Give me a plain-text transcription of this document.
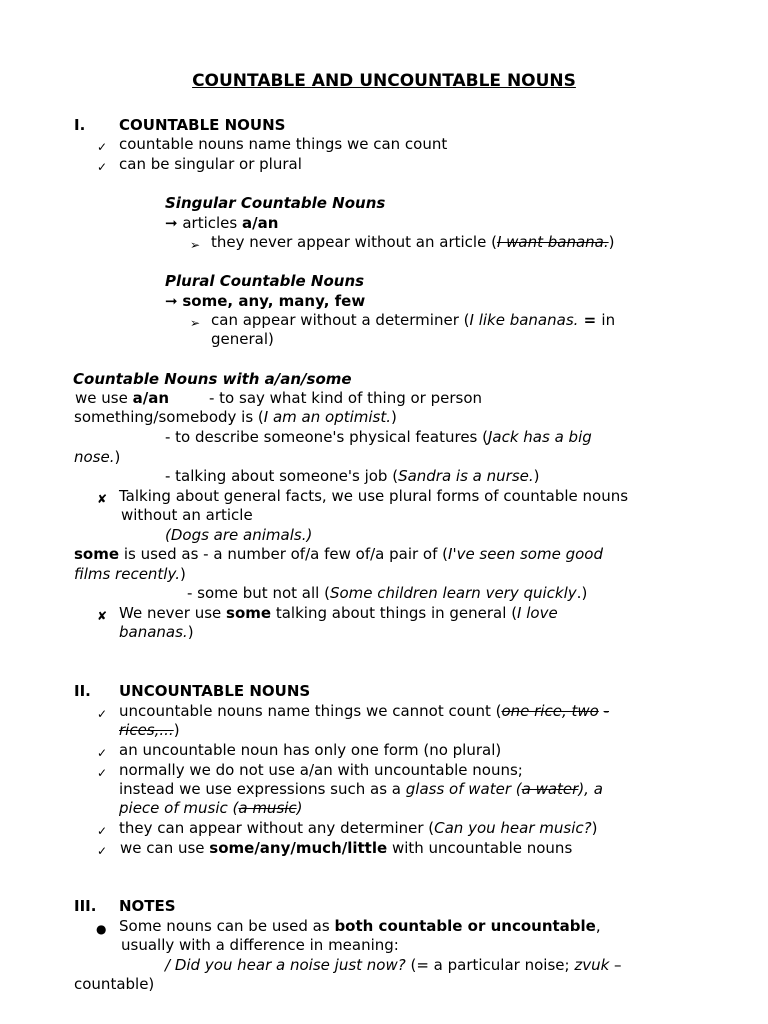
COUNTABLE AND UNCOUNTABLE NOUNS
I. COUNTABLE NOUNS
✓ countable nouns name things we can count
✓ can be singular or plural
Singular Countable Nouns
➞ articles a/an
➢ they never appear without an article (I want banana.)
Plural Countable Nouns
➞ some, any, many, few
➢ can appear without a determiner (I like bananas. = in
general)
Countable Nouns with a/an/some
we use a/an	- to say what kind of thing or person
something/somebody is (I am an optimist.)
- to describe someone's physical features (Jack has a big
nose.)
- talking about someone's job (Sandra is a nurse.)
✘ Talking about general facts, we use plural forms of countable nouns
without an article
(Dogs are animals.)
some is used as - a number of/a few of/a pair of (I've seen some good
films recently.)
- some but not all (Some children learn very quickly.)
✘ We never use some talking about things in general (I love
bananas.)
II. UNCOUNTABLE NOUNS
✓ uncountable nouns name things we cannot count (one rice, two -
rices,...)
✓ an uncountable noun has only one form (no plural)
✓ normally we do not use a/an with uncountable nouns;
instead we use expressions such as a glass of water (a water), a
piece of music (a music)
✓ they can appear without any determiner (Can you hear music?)
✓ we can use some/any/much/little with uncountable nouns
III. NOTES
● Some nouns can be used as both countable or uncountable,
usually with a difference in meaning:
/ Did you hear a noise just now? (= a particular noise; zvuk –
countable)
